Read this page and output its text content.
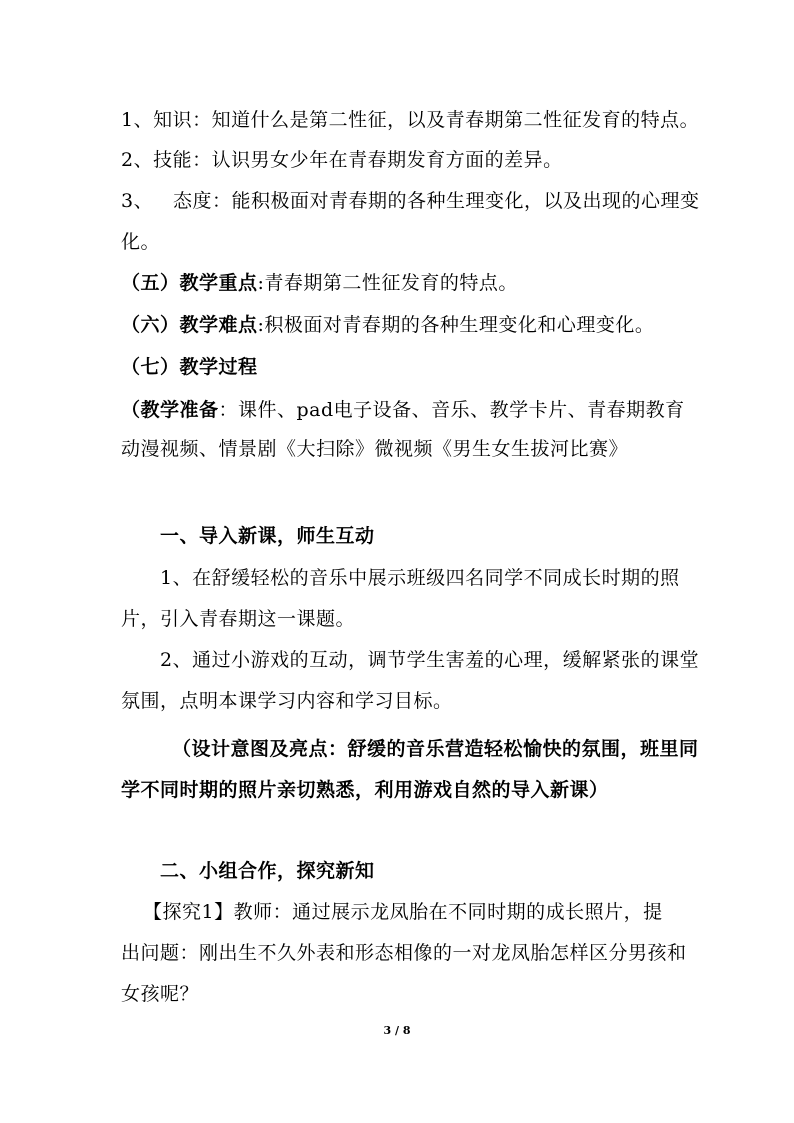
1、知识：知道什么是第二性征，以及青春期第二性征发育的特点。
2、技能：认识男女少年在青春期发育方面的差异。
3、 态度：能积极面对青春期的各种生理变化，以及出现的心理变
化。
（五）教学重点:青春期第二性征发育的特点。
（六）教学难点:积极面对青春期的各种生理变化和心理变化。
（七）教学过程
（教学准备：课件、pad电子设备、音乐、教学卡片、青春期教育
动漫视频、情景剧《大扫除》微视频《男生女生拔河比赛》
一、导入新课，师生互动
1、在舒缓轻松的音乐中展示班级四名同学不同成长时期的照
片，引入青春期这一课题。
2、通过小游戏的互动，调节学生害羞的心理，缓解紧张的课堂
氛围，点明本课学习内容和学习目标。
（设计意图及亮点：舒缓的音乐营造轻松愉快的氛围，班里同
学不同时期的照片亲切熟悉，利用游戏自然的导入新课）
二、小组合作，探究新知
【探究1】教师：通过展示龙凤胎在不同时期的成长照片，提
出问题：刚出生不久外表和形态相像的一对龙凤胎怎样区分男孩和
女孩呢？
3 / 8
